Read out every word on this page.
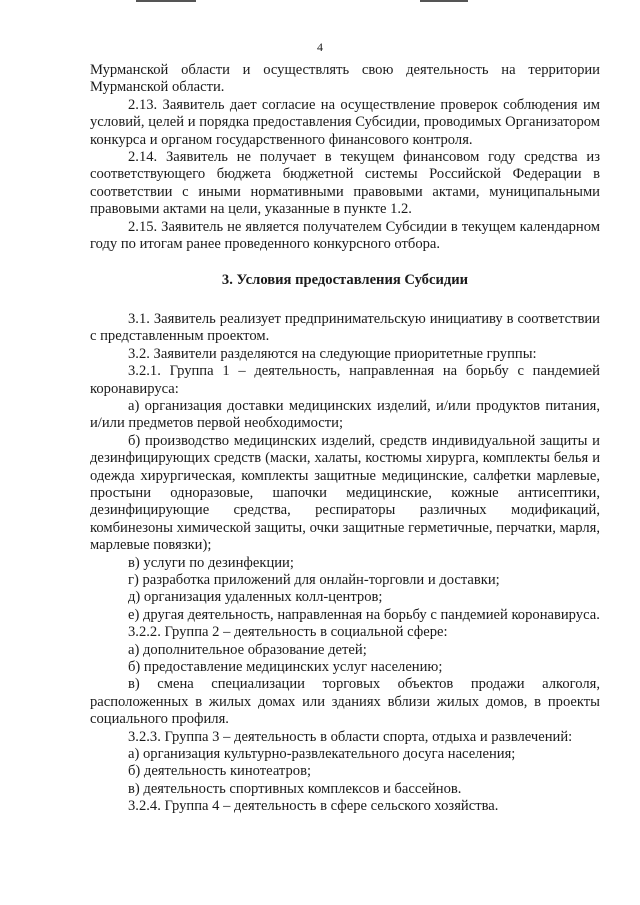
4

Мурманской области и осуществлять свою деятельность на территории Мурманской области.

2.13. Заявитель дает согласие на осуществление проверок соблюдения им условий, целей и порядка предоставления Субсидии, проводимых Организатором конкурса и органом государственного финансового контроля.

2.14. Заявитель не получает в текущем финансовом году средства из соответствующего бюджета бюджетной системы Российской Федерации в соответствии с иными нормативными правовыми актами, муниципальными правовыми актами на цели, указанные в пункте 1.2.

2.15. Заявитель не является получателем Субсидии в текущем календарном году по итогам ранее проведенного конкурсного отбора.

3. Условия предоставления Субсидии

3.1. Заявитель реализует предпринимательскую инициативу в соответствии с представленным проектом.

3.2. Заявители разделяются на следующие приоритетные группы:

3.2.1. Группа 1 – деятельность, направленная на борьбу с пандемией коронавируса:

а) организация доставки медицинских изделий, и/или продуктов питания, и/или предметов первой необходимости;

б) производство медицинских изделий, средств индивидуальной защиты и дезинфицирующих средств (маски, халаты, костюмы хирурга, комплекты белья и одежда хирургическая, комплекты защитные медицинские, салфетки марлевые, простыни одноразовые, шапочки медицинские, кожные антисептики, дезинфицирующие средства, респираторы различных модификаций, комбинезоны химической защиты, очки защитные герметичные, перчатки, марля, марлевые повязки);

в) услуги по дезинфекции;

г) разработка приложений для онлайн-торговли и доставки;

д) организация удаленных колл-центров;

е) другая деятельность, направленная на борьбу с пандемией коронавируса.

3.2.2. Группа 2 – деятельность в социальной сфере:

а) дополнительное образование детей;

б) предоставление медицинских услуг населению;

в) смена специализации торговых объектов продажи алкоголя, расположенных в жилых домах или зданиях вблизи жилых домов, в проекты социального профиля.

3.2.3. Группа 3 – деятельность в области спорта, отдыха и развлечений:

а) организация культурно-развлекательного досуга населения;

б) деятельность кинотеатров;

в) деятельность спортивных комплексов и бассейнов.

3.2.4. Группа 4 – деятельность в сфере сельского хозяйства.
